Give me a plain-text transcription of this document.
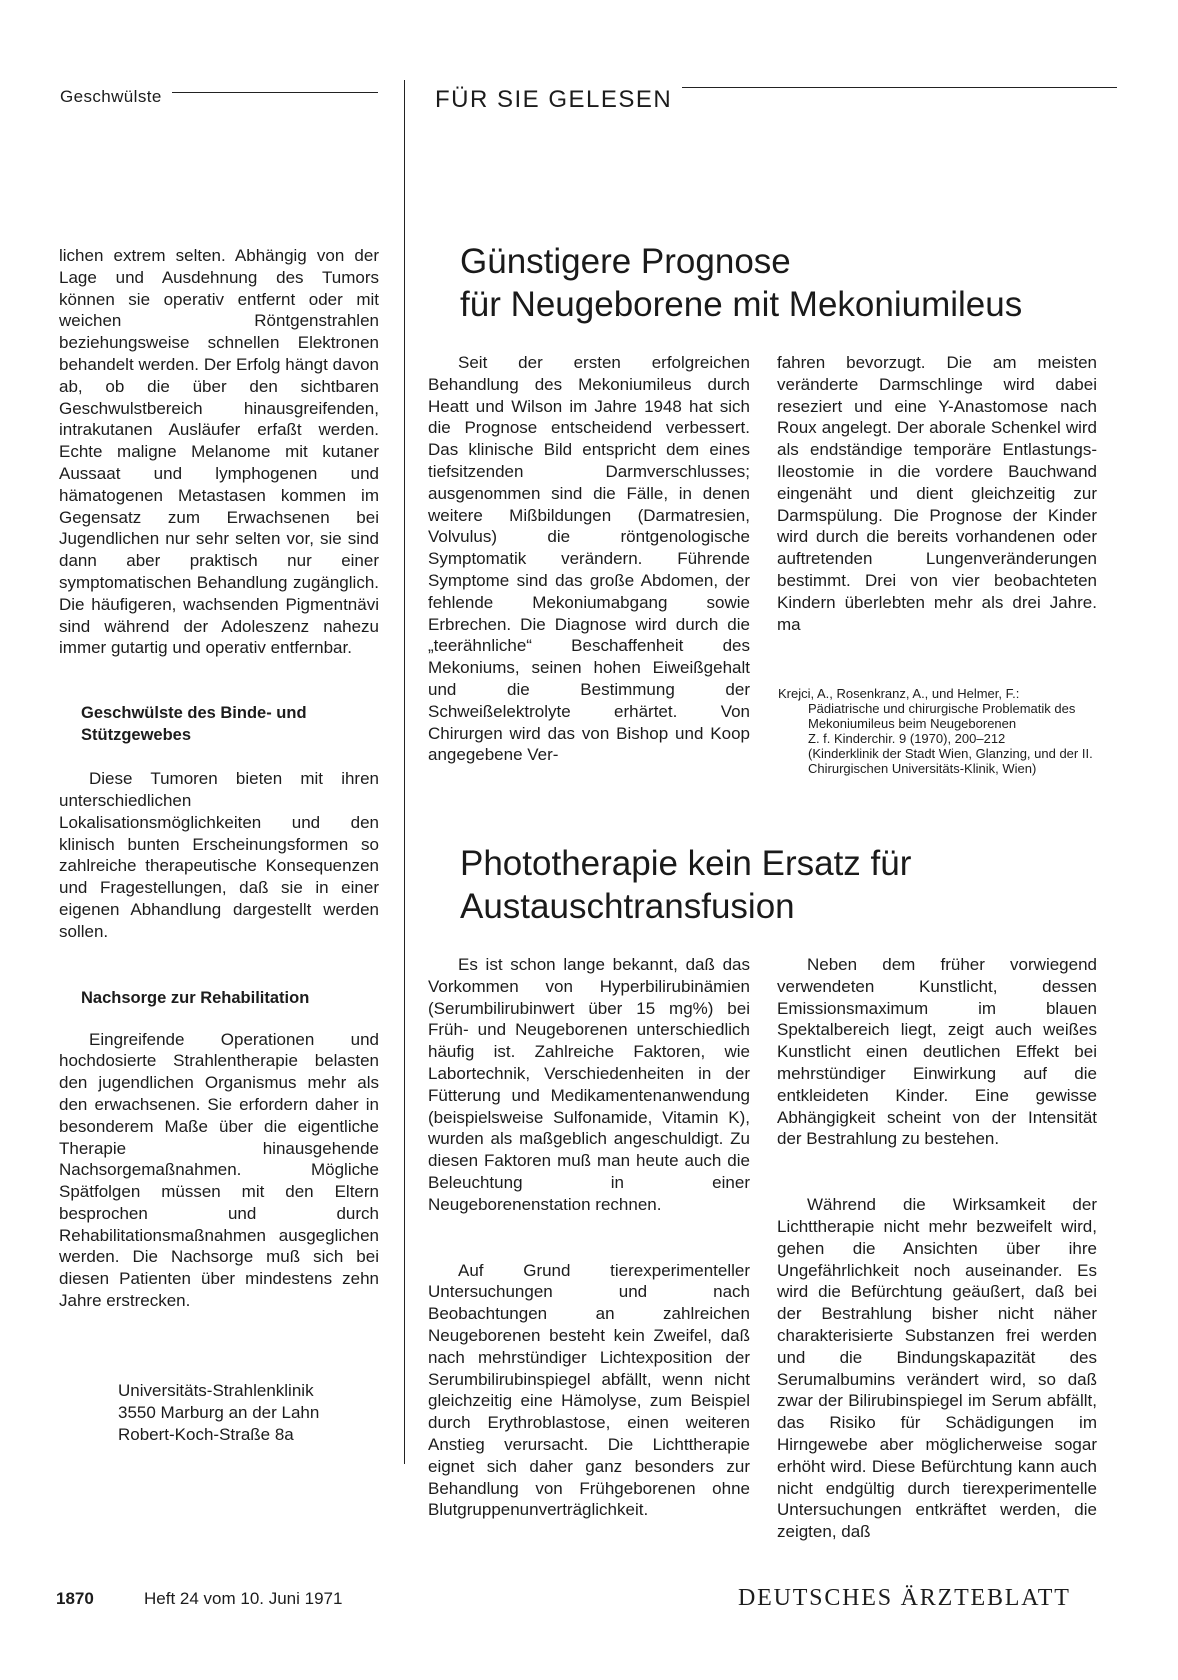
Geschwülste	FÜR SIE GELESEN

lichen extrem selten. Abhängig von der Lage und Ausdehnung des Tumors können sie operativ entfernt oder mit weichen Röntgenstrahlen beziehungsweise schnellen Elektronen behandelt werden. Der Erfolg hängt davon ab, ob die über den sichtbaren Geschwulstbereich hinausgreifenden, intrakutanen Ausläufer erfaßt werden. Echte maligne Melanome mit kutaner Aussaat und lymphogenen und hämatogenen Metastasen kommen im Gegensatz zum Erwachsenen bei Jugendlichen nur sehr selten vor, sie sind dann aber praktisch nur einer symptomatischen Behandlung zugänglich. Die häufigeren, wachsenden Pigmentnävi sind während der Adoleszenz nahezu immer gutartig und operativ entfernbar.

Geschwülste des Binde- und Stützgewebes

Diese Tumoren bieten mit ihren unterschiedlichen Lokalisationsmöglichkeiten und den klinisch bunten Erscheinungsformen so zahlreiche therapeutische Konsequenzen und Fragestellungen, daß sie in einer eigenen Abhandlung dargestellt werden sollen.

Nachsorge zur Rehabilitation

Eingreifende Operationen und hochdosierte Strahlentherapie belasten den jugendlichen Organismus mehr als den erwachsenen. Sie erfordern daher in besonderem Maße über die eigentliche Therapie hinausgehende Nachsorgemaßnahmen. Mögliche Spätfolgen müssen mit den Eltern besprochen und durch Rehabilitationsmaßnahmen ausgeglichen werden. Die Nachsorge muß sich bei diesen Patienten über mindestens zehn Jahre erstrecken.

Universitäts-Strahlenklinik
3550 Marburg an der Lahn
Robert-Koch-Straße 8a
Günstigere Prognose
für Neugeborene mit Mekoniumileus

Seit der ersten erfolgreichen Behandlung des Mekoniumileus durch Heatt und Wilson im Jahre 1948 hat sich die Prognose entscheidend verbessert. Das klinische Bild entspricht dem eines tiefsitzenden Darmverschlusses; ausgenommen sind die Fälle, in denen weitere Mißbildungen (Darmatresien, Volvulus) die röntgenologische Symptomatik verändern. Führende Symptome sind das große Abdomen, der fehlende Mekoniumabgang sowie Erbrechen. Die Diagnose wird durch die „teerähnliche“ Beschaffenheit des Mekoniums, seinen hohen Eiweißgehalt und die Bestimmung der Schweißelektrolyte erhärtet. Von Chirurgen wird das von Bishop und Koop angegebene Ver-

fahren bevorzugt. Die am meisten veränderte Darmschlinge wird dabei reseziert und eine Y-Anastomose nach Roux angelegt. Der aborale Schenkel wird als endständige temporäre Entlastungs-Ileostomie in die vordere Bauchwand eingenäht und dient gleichzeitig zur Darmspülung. Die Prognose der Kinder wird durch die bereits vorhandenen oder auftretenden Lungenveränderungen bestimmt. Drei von vier beobachteten Kindern überlebten mehr als drei Jahre. ma

Krejci, A., Rosenkranz, A., und Helmer, F.:

Pädiatrische und chirurgische Problematik des Mekoniumileus beim Neugeborenen

Z. f. Kinderchir. 9 (1970), 200–212

(Kinderklinik der Stadt Wien, Glanzing, und der II. Chirurgischen Universitäts-Klinik, Wien)

Phototherapie kein Ersatz für
Austauschtransfusion

Es ist schon lange bekannt, daß das Vorkommen von Hyperbilirubinämien (Serumbilirubinwert über 15 mg%) bei Früh- und Neugeborenen unterschiedlich häufig ist. Zahlreiche Faktoren, wie Labortechnik, Verschiedenheiten in der Fütterung und Medikamentenanwendung (beispielsweise Sulfonamide, Vitamin K), wurden als maßgeblich angeschuldigt. Zu diesen Faktoren muß man heute auch die Beleuchtung in einer Neugeborenenstation rechnen.

Auf Grund tierexperimenteller Untersuchungen und nach Beobachtungen an zahlreichen Neugeborenen besteht kein Zweifel, daß nach mehrstündiger Lichtexposition der Serumbilirubinspiegel abfällt, wenn nicht gleichzeitig eine Hämolyse, zum Beispiel durch Erythroblastose, einen weiteren Anstieg verursacht. Die Lichttherapie eignet sich daher ganz besonders zur Behandlung von Frühgeborenen ohne Blutgruppenunverträglichkeit.

Neben dem früher vorwiegend verwendeten Kunstlicht, dessen Emissionsmaximum im blauen Spektalbereich liegt, zeigt auch weißes Kunstlicht einen deutlichen Effekt bei mehrstündiger Einwirkung auf die entkleideten Kinder. Eine gewisse Abhängigkeit scheint von der Intensität der Bestrahlung zu bestehen.

Während die Wirksamkeit der Lichttherapie nicht mehr bezweifelt wird, gehen die Ansichten über ihre Ungefährlichkeit noch auseinander. Es wird die Befürchtung geäußert, daß bei der Bestrahlung bisher nicht näher charakterisierte Substanzen frei werden und die Bindungskapazität des Serumalbumins verändert wird, so daß zwar der Bilirubinspiegel im Serum abfällt, das Risiko für Schädigungen im Hirngewebe aber möglicherweise sogar erhöht wird. Diese Befürchtung kann auch nicht endgültig durch tierexperimentelle Untersuchungen entkräftet werden, die zeigten, daß

1870	Heft 24 vom 10. Juni 1971	DEUTSCHES ÄRZTEBLATT
